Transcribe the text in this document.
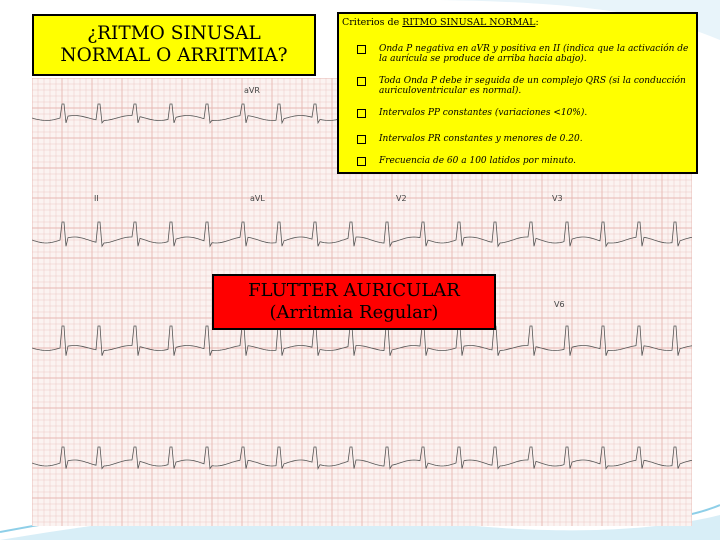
aVR
II	aVL	V2	V3
V6
¿RITMO SINUSAL
NORMAL O ARRITMIA?
Criterios de RITMO SINUSAL NORMAL:
Onda P negativa en aVR y positiva en II (indica que la activación de la aurícula se produce de arriba hacia abajo).
Toda Onda P debe ir seguida de un complejo QRS (si la conducción auriculoventricular es normal).
Intervalos PP constantes (variaciones <10%).
Intervalos PR constantes y menores de 0.20.
Frecuencia de 60 a 100 latidos por minuto.
FLUTTER AURICULAR
(Arritmia Regular)
